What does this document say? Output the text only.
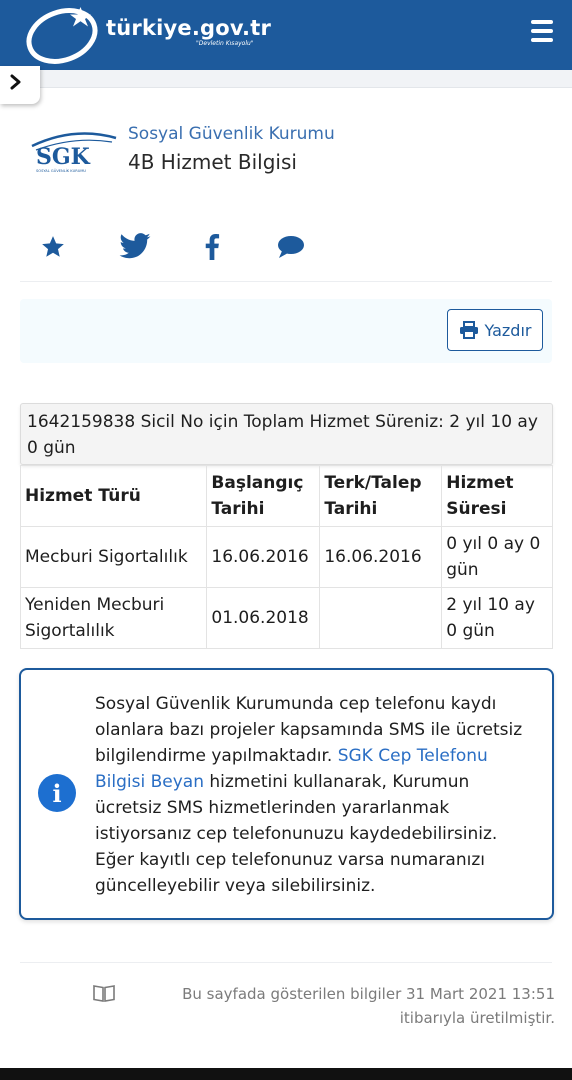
türkiye.gov.tr
"Devletin Kısayolu"
SGK
SOSYAL GÜVENLİK KURUMU
Sosyal Güvenlik Kurumu
4B Hizmet Bilgisi
Yazdır
1642159838 Sicil No için Toplam Hizmet Süreniz: 2 yıl 10 ay 0 gün
Hizmet Türü	Başlangıç Tarihi	Terk/Talep Tarihi	Hizmet Süresi
Mecburi Sigortalılık	16.06.2016	16.06.2016	0 yıl 0 ay 0 gün
Yeniden Mecburi Sigortalılık	01.06.2018		2 yıl 10 ay 0 gün
i
Sosyal Güvenlik Kurumunda cep telefonu kaydı olanlara bazı projeler kapsamında SMS ile ücretsiz bilgilendirme yapılmaktadır. SGK Cep Telefonu Bilgisi Beyan hizmetini kullanarak, Kurumun ücretsiz SMS hizmetlerinden yararlanmak istiyorsanız cep telefonunuzu kaydedebilirsiniz. Eğer kayıtlı cep telefonunuz varsa numaranızı güncelleyebilir veya silebilirsiniz.
Bu sayfada gösterilen bilgiler 31 Mart 2021 13:51 itibarıyla üretilmiştir.
